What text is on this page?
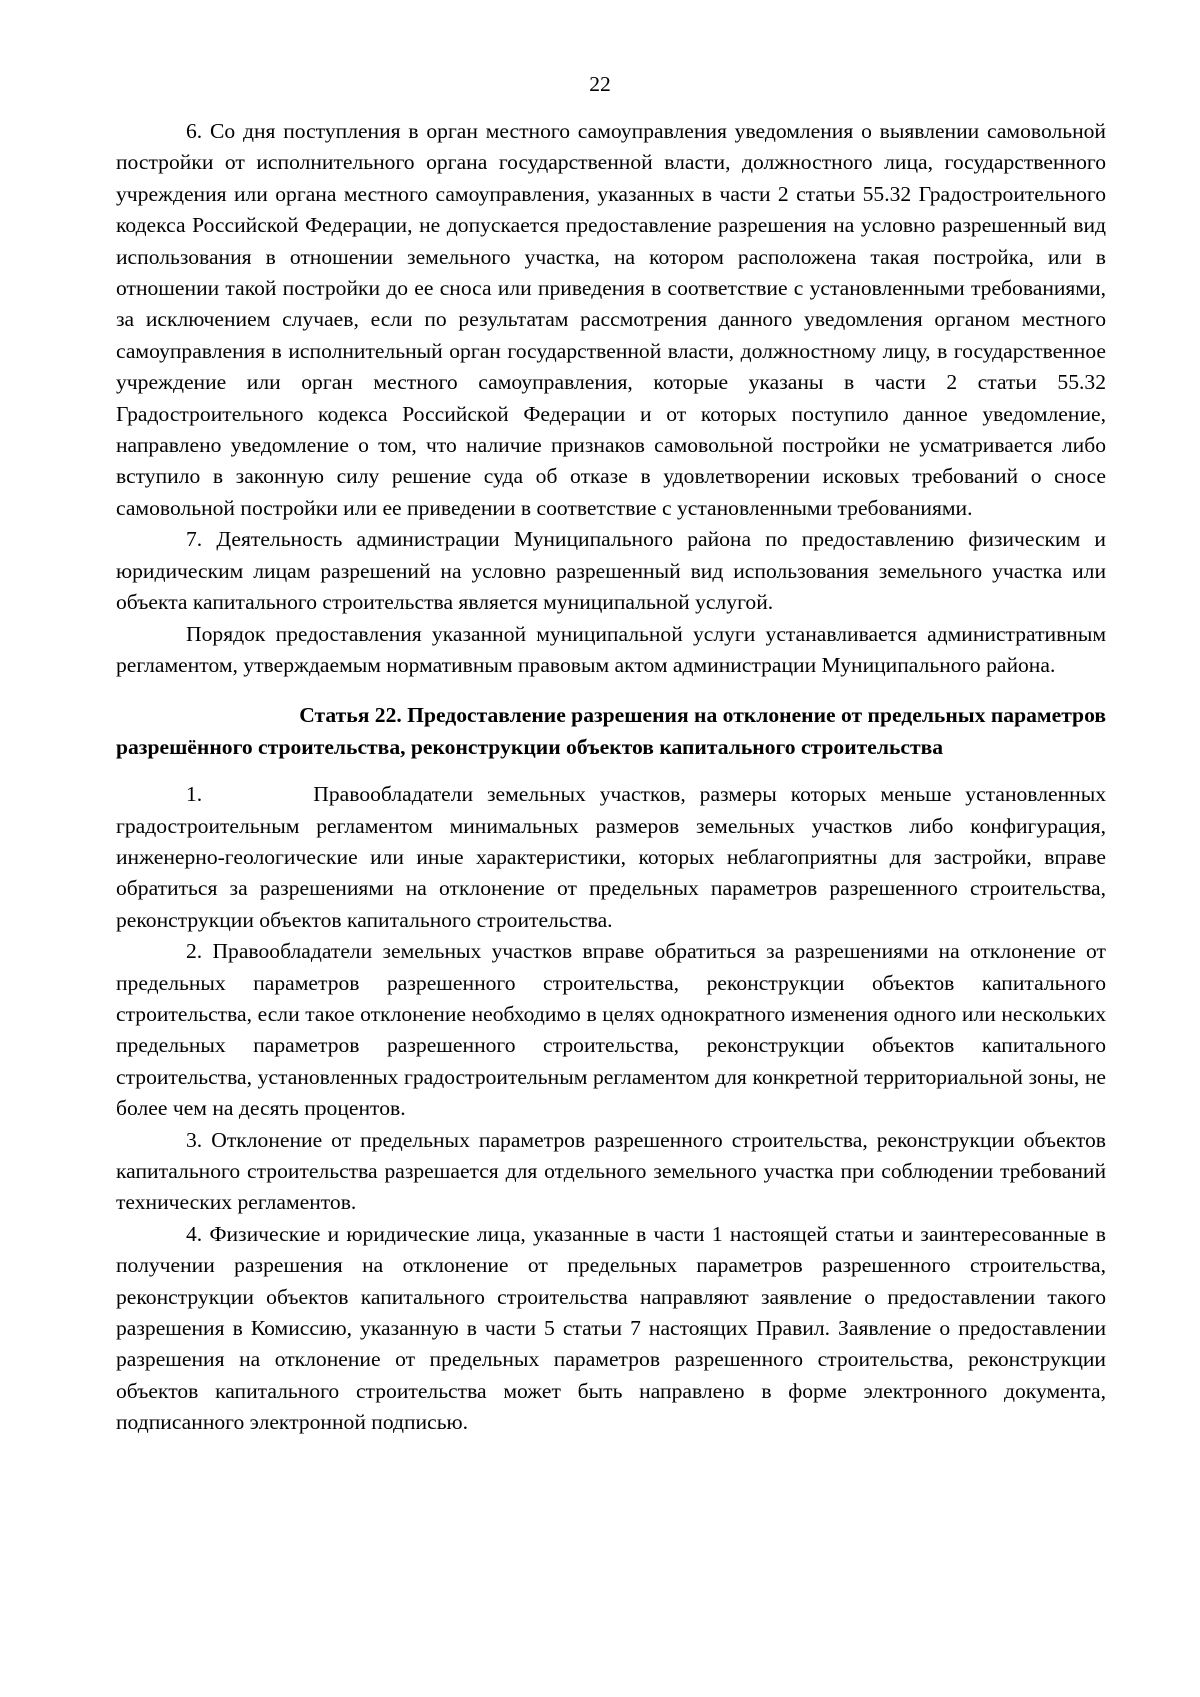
22

6. Со дня поступления в орган местного самоуправления уведомления о выявлении самовольной постройки от исполнительного органа государственной власти, должностного лица, государственного учреждения или органа местного самоуправления, указанных в части 2 статьи 55.32 Градостроительного кодекса Российской Федерации, не допускается предоставление разрешения на условно разрешенный вид использования в отношении земельного участка, на котором расположена такая постройка, или в отношении такой постройки до ее сноса или приведения в соответствие с установленными требованиями, за исключением случаев, если по результатам рассмотрения данного уведомления органом местного самоуправления в исполнительный орган государственной власти, должностному лицу, в государственное учреждение или орган местного самоуправления, которые указаны в части 2 статьи 55.32 Градостроительного кодекса Российской Федерации и от которых поступило данное уведомление, направлено уведомление о том, что наличие признаков самовольной постройки не усматривается либо вступило в законную силу решение суда об отказе в удовлетворении исковых требований о сносе самовольной постройки или ее приведении в соответствие с установленными требованиями.

7. Деятельность администрации Муниципального района по предоставлению физическим и юридическим лицам разрешений на условно разрешенный вид использования земельного участка или объекта капитального строительства является муниципальной услугой.

Порядок предоставления указанной муниципальной услуги устанавливается административным регламентом, утверждаемым нормативным правовым актом администрации Муниципального района.

Статья 22. Предоставление разрешения на отклонение от предельных параметров
разрешённого строительства, реконструкции объектов капитального строительства

1.        Правообладатели земельных участков, размеры которых меньше установленных градостроительным регламентом минимальных размеров земельных участков либо конфигурация, инженерно-геологические или иные характеристики, которых неблагоприятны для застройки, вправе обратиться за разрешениями на отклонение от предельных параметров разрешенного строительства, реконструкции объектов капитального строительства.

2. Правообладатели земельных участков вправе обратиться за разрешениями на отклонение от предельных параметров разрешенного строительства, реконструкции объектов капитального строительства, если такое отклонение необходимо в целях однократного изменения одного или нескольких предельных параметров разрешенного строительства, реконструкции объектов капитального строительства, установленных градостроительным регламентом для конкретной территориальной зоны, не более чем на десять процентов.

3. Отклонение от предельных параметров разрешенного строительства, реконструкции объектов капитального строительства разрешается для отдельного земельного участка при соблюдении требований технических регламентов.

4. Физические и юридические лица, указанные в части 1 настоящей статьи и заинтересованные в получении разрешения на отклонение от предельных параметров разрешенного строительства, реконструкции объектов капитального строительства направляют заявление о предоставлении такого разрешения в Комиссию, указанную в части 5 статьи 7 настоящих Правил. Заявление о предоставлении разрешения на отклонение от предельных параметров разрешенного строительства, реконструкции объектов капитального строительства может быть направлено в форме электронного документа, подписанного электронной подписью.
